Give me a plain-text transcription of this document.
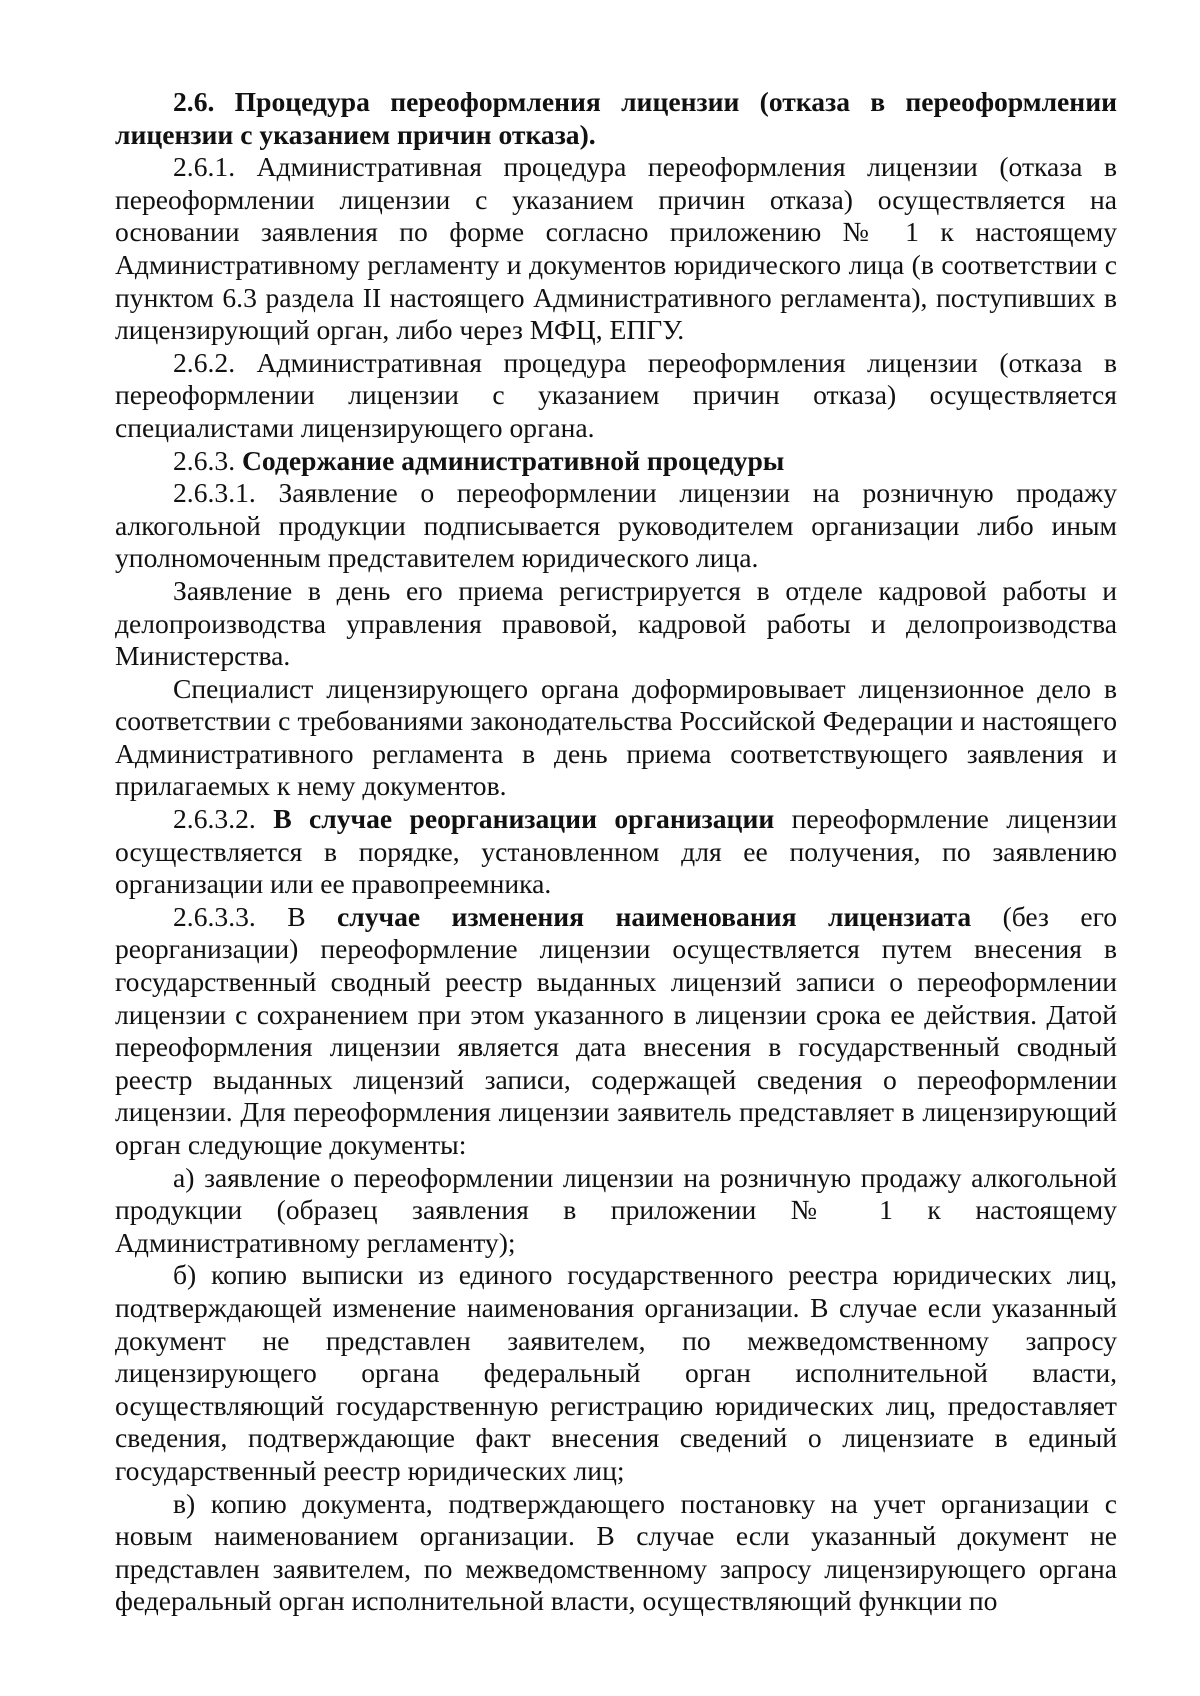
2.6. Процедура переоформления лицензии (отказа в переоформлении лицензии с указанием причин отказа).

2.6.1. Административная процедура переоформления лицензии (отказа в переоформлении лицензии с указанием причин отказа) осуществляется на основании заявления по форме согласно приложению № 1 к настоящему Административному регламенту и документов юридического лица (в соответствии с пунктом 6.3 раздела II настоящего Административного регламента), поступивших в лицензирующий орган, либо через МФЦ, ЕПГУ.

2.6.2. Административная процедура переоформления лицензии (отказа в переоформлении лицензии с указанием причин отказа) осуществляется специалистами лицензирующего органа.

2.6.3. Содержание административной процедуры

2.6.3.1. Заявление о переоформлении лицензии на розничную продажу алкогольной продукции подписывается руководителем организации либо иным уполномоченным представителем юридического лица.

Заявление в день его приема регистрируется в отделе кадровой работы и делопроизводства управления правовой, кадровой работы и делопроизводства Министерства.

Специалист лицензирующего органа доформировывает лицензионное дело в соответствии с требованиями законодательства Российской Федерации и настоящего Административного регламента в день приема соответствующего заявления и прилагаемых к нему документов.

2.6.3.2. В случае реорганизации организации переоформление лицензии осуществляется в порядке, установленном для ее получения, по заявлению организации или ее правопреемника.

2.6.3.3. В случае изменения наименования лицензиата (без его реорганизации) переоформление лицензии осуществляется путем внесения в государственный сводный реестр выданных лицензий записи о переоформлении лицензии с сохранением при этом указанного в лицензии срока ее действия. Датой переоформления лицензии является дата внесения в государственный сводный реестр выданных лицензий записи, содержащей сведения о переоформлении лицензии. Для переоформления лицензии заявитель представляет в лицензирующий орган следующие документы:

а) заявление о переоформлении лицензии на розничную продажу алкогольной продукции (образец заявления в приложении № 1 к настоящему Административному регламенту);

б) копию выписки из единого государственного реестра юридических лиц, подтверждающей изменение наименования организации. В случае если указанный документ не представлен заявителем, по межведомственному запросу лицензирующего органа федеральный орган исполнительной власти, осуществляющий государственную регистрацию юридических лиц, предоставляет сведения, подтверждающие факт внесения сведений о лицензиате в единый государственный реестр юридических лиц;

в) копию документа, подтверждающего постановку на учет организации с новым наименованием организации. В случае если указанный документ не представлен заявителем, по межведомственному запросу лицензирующего органа федеральный орган исполнительной власти, осуществляющий функции по
